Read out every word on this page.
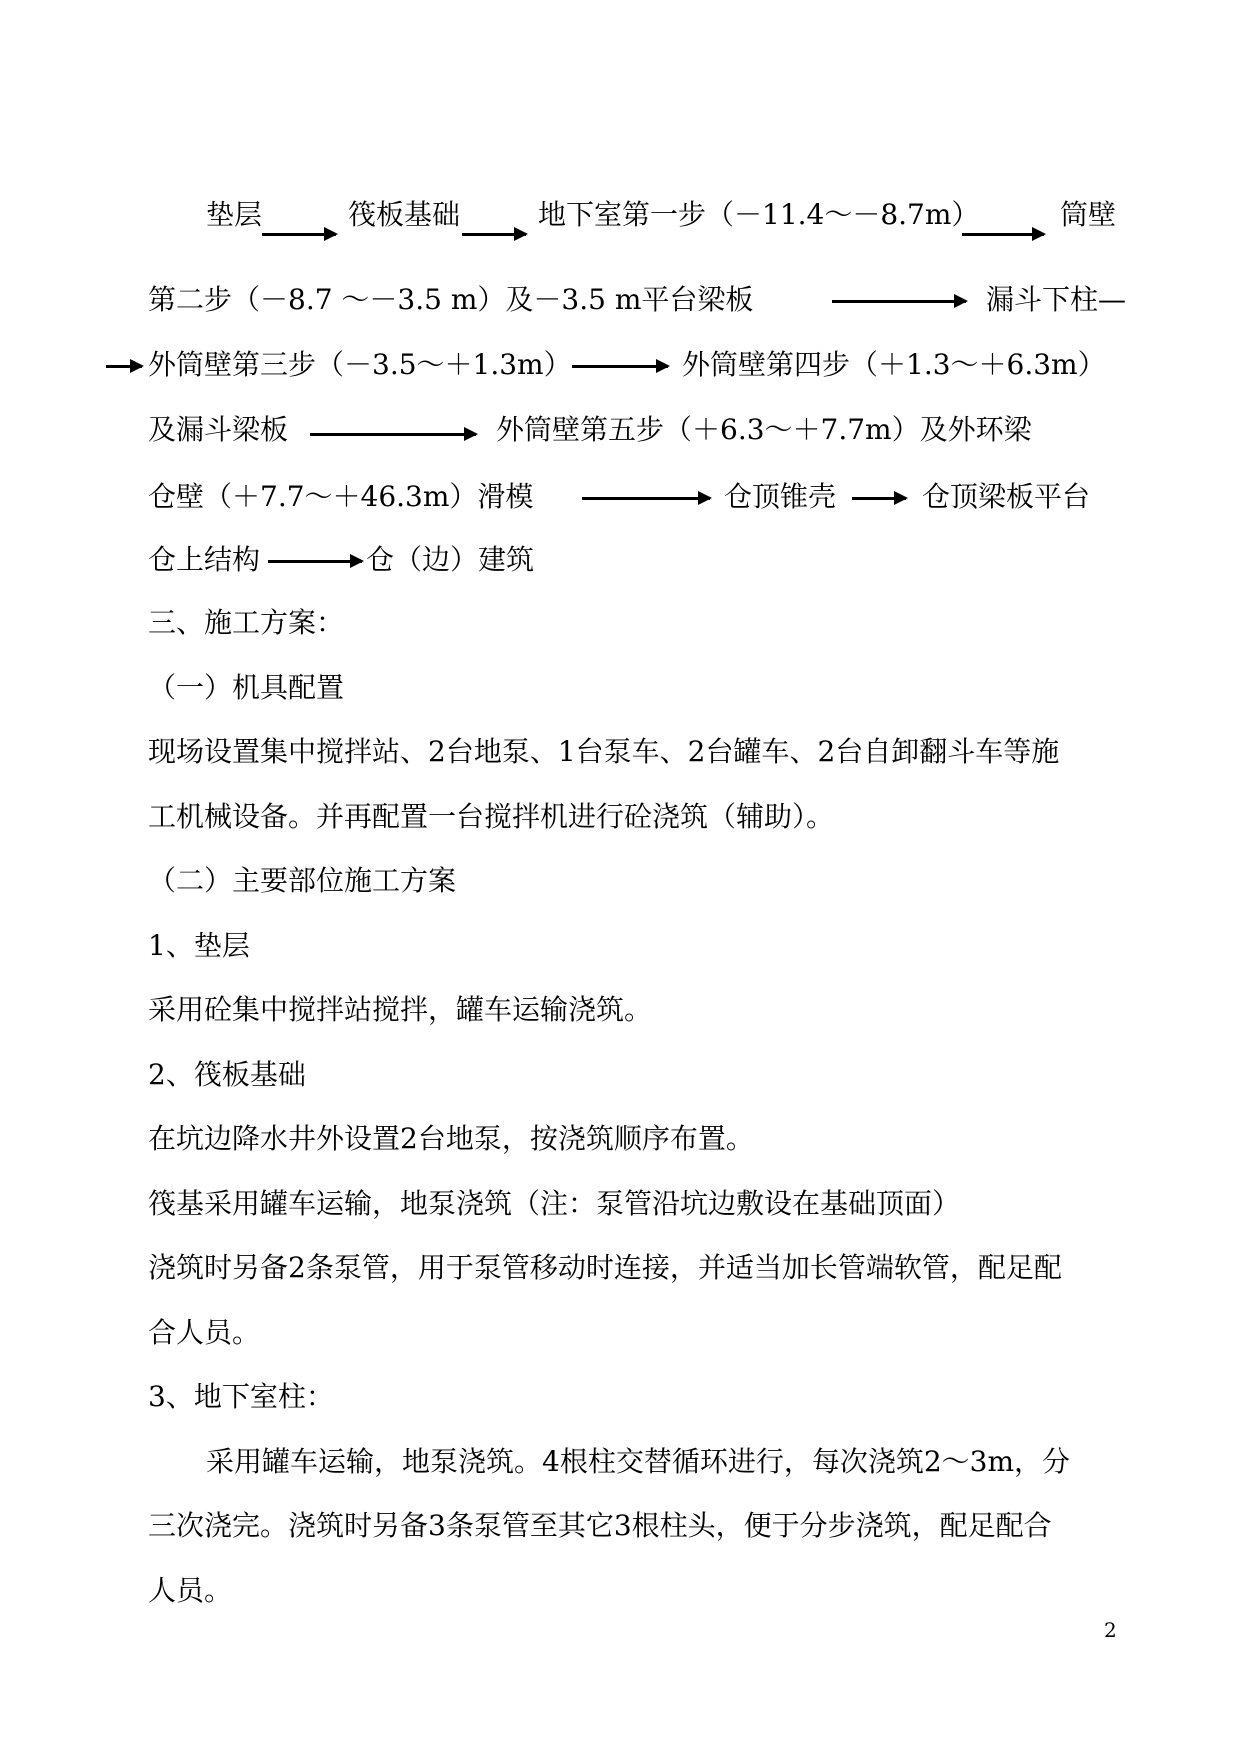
垫层	筏板基础	地下室第一步（－11.4～－8.7m）	筒壁
第二步（－8.7 ～－3.5 m）及－3.5 m平台梁板	漏斗下柱—
外筒壁第三步（－3.5～＋1.3m）	外筒壁第四步（＋1.3～＋6.3m）
及漏斗梁板	外筒壁第五步（＋6.3～＋7.7m）及外环梁
仓壁（＋7.7～＋46.3m）滑模	仓顶锥壳	仓顶梁板平台
仓上结构	仓（边）建筑
三、施工方案：
（一）机具配置
现场设置集中搅拌站、2台地泵、1台泵车、2台罐车、2台自卸翻斗车等施
工机械设备。并再配置一台搅拌机进行砼浇筑（辅助）。
（二）主要部位施工方案
1、垫层
采用砼集中搅拌站搅拌，罐车运输浇筑。
2、筏板基础
在坑边降水井外设置2台地泵，按浇筑顺序布置。
筏基采用罐车运输，地泵浇筑（注：泵管沿坑边敷设在基础顶面）
浇筑时另备2条泵管，用于泵管移动时连接，并适当加长管端软管，配足配
合人员。
3、地下室柱：
采用罐车运输，地泵浇筑。4根柱交替循环进行，每次浇筑2～3m，分
三次浇完。浇筑时另备3条泵管至其它3根柱头，便于分步浇筑，配足配合
人员。
2
